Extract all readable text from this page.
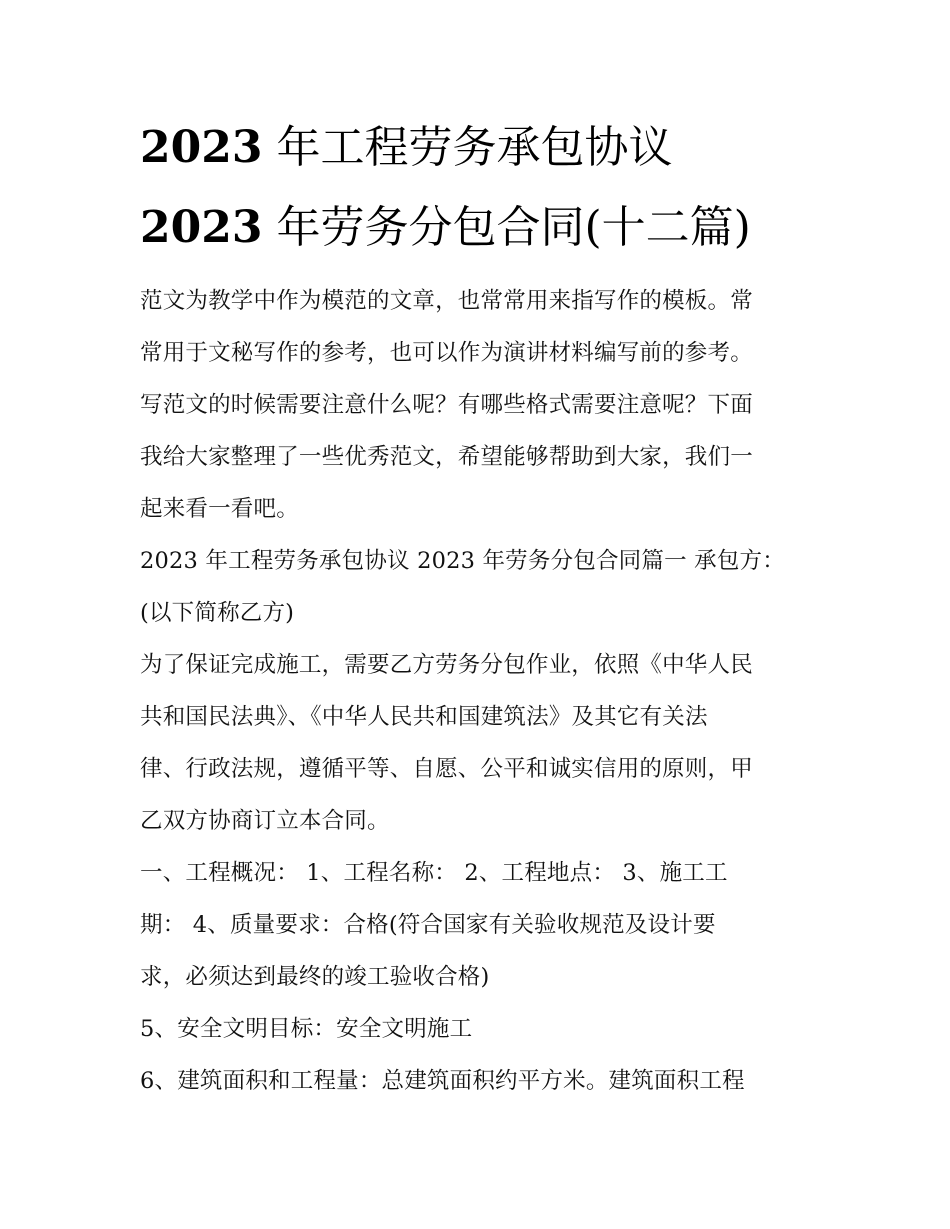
2023 年工程劳务承包协议
2023 年劳务分包合同(十二篇)
范文为教学中作为模范的文章，也常常用来指写作的模板。常
常用于文秘写作的参考，也可以作为演讲材料编写前的参考。
写范文的时候需要注意什么呢？有哪些格式需要注意呢？下面
我给大家整理了一些优秀范文，希望能够帮助到大家，我们一
起来看一看吧。
2023 年工程劳务承包协议 2023 年劳务分包合同篇一 承包方：
(以下简称乙方)
为了保证完成施工，需要乙方劳务分包作业，依照《中华人民
共和国民法典》、《中华人民共和国建筑法》及其它有关法
律、行政法规，遵循平等、自愿、公平和诚实信用的原则，甲
乙双方协商订立本合同。
一、工程概况： 1、工程名称： 2、工程地点： 3、施工工
期： 4、质量要求：合格(符合国家有关验收规范及设计要
求，必须达到最终的竣工验收合格)
5、安全文明目标：安全文明施工
6、建筑面积和工程量：总建筑面积约平方米。建筑面积工程
